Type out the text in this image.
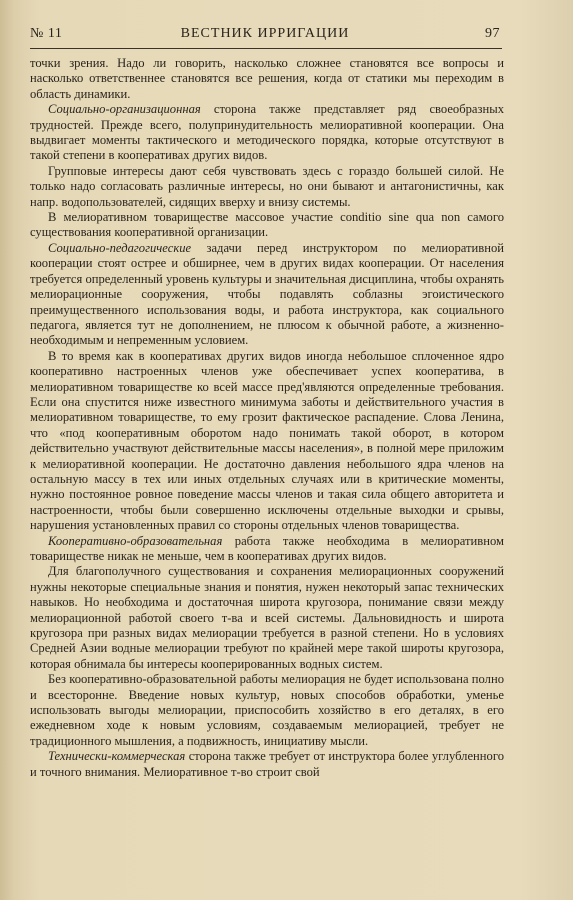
№ 11	ВЕСТНИК ИРРИГАЦИИ	97

точки зрения. Надо ли говорить, насколько сложнее становятся все вопросы и насколько ответственнее становятся все решения, когда от статики мы переходим в область динамики.

Социально-организационная сторона также представляет ряд своеобразных трудностей. Прежде всего, полупринудительность мелиоративной кооперации. Она выдвигает моменты тактического и методического порядка, которые отсутствуют в такой степени в кооперативах других видов.

Групповые интересы дают себя чувствовать здесь с гораздо большей силой. Не только надо согласовать различные интересы, но они бывают и антагонистичны, как напр. водопользователей, сидящих вверху и внизу системы.

В мелиоративном товариществе массовое участие conditio sine qua non самого существования кооперативной организации.

Социально-педагогические задачи перед инструктором по мелиоративной кооперации стоят острее и обширнее, чем в других видах кооперации. От населения требуется определенный уровень культуры и значительная дисциплина, чтобы охранять мелиорационные сооружения, чтобы подавлять соблазны эгоистического преимущественного использования воды, и работа инструктора, как социального педагога, является тут не дополнением, не плюсом к обычной работе, а жизненно-необходимым и непременным условием.

В то время как в кооперативах других видов иногда небольшое сплоченное ядро кооперативно настроенных членов уже обеспечивает успех кооператива, в мелиоративном товариществе ко всей массе пред'являются определенные требования. Если она спустится ниже известного минимума заботы и действительного участия в мелиоративном товариществе, то ему грозит фактическое распадение. Слова Ленина, что «под кооперативным оборотом надо понимать такой оборот, в котором действительно участвуют действительные массы населения», в полной мере приложим к мелиоративной кооперации. Не достаточно давления небольшого ядра членов на остальную массу в тех или иных отдельных случаях или в критические моменты, нужно постоянное ровное поведение массы членов и такая сила общего авторитета и настроенности, чтобы были совершенно исключены отдельные выходки и срывы, нарушения установленных правил со стороны отдельных членов товарищества.

Кооперативно-образовательная работа также необходима в мелиоративном товариществе никак не меньше, чем в кооперативах других видов.

Для благополучного существования и сохранения мелиорационных сооружений нужны некоторые специальные знания и понятия, нужен некоторый запас технических навыков. Но необходима и достаточная широта кругозора, понимание связи между мелиорационной работой своего т-ва и всей системы. Дальновидность и широта кругозора при разных видах мелиорации требуется в разной степени. Но в условиях Средней Азии водные мелиорации требуют по крайней мере такой широты кругозора, которая обнимала бы интересы кооперированных водных систем.

Без кооперативно-образовательной работы мелиорация не будет использована полно и всесторонне. Введение новых культур, новых способов обработки, уменье использовать выгоды мелиорации, приспособить хозяйство в его деталях, в его ежедневном ходе к новым условиям, создаваемым мелиорацией, требует не традиционного мышления, а подвижность, инициативу мысли.

Технически-коммерческая сторона также требует от инструктора более углубленного и точного внимания. Мелиоративное т-во строит свой
